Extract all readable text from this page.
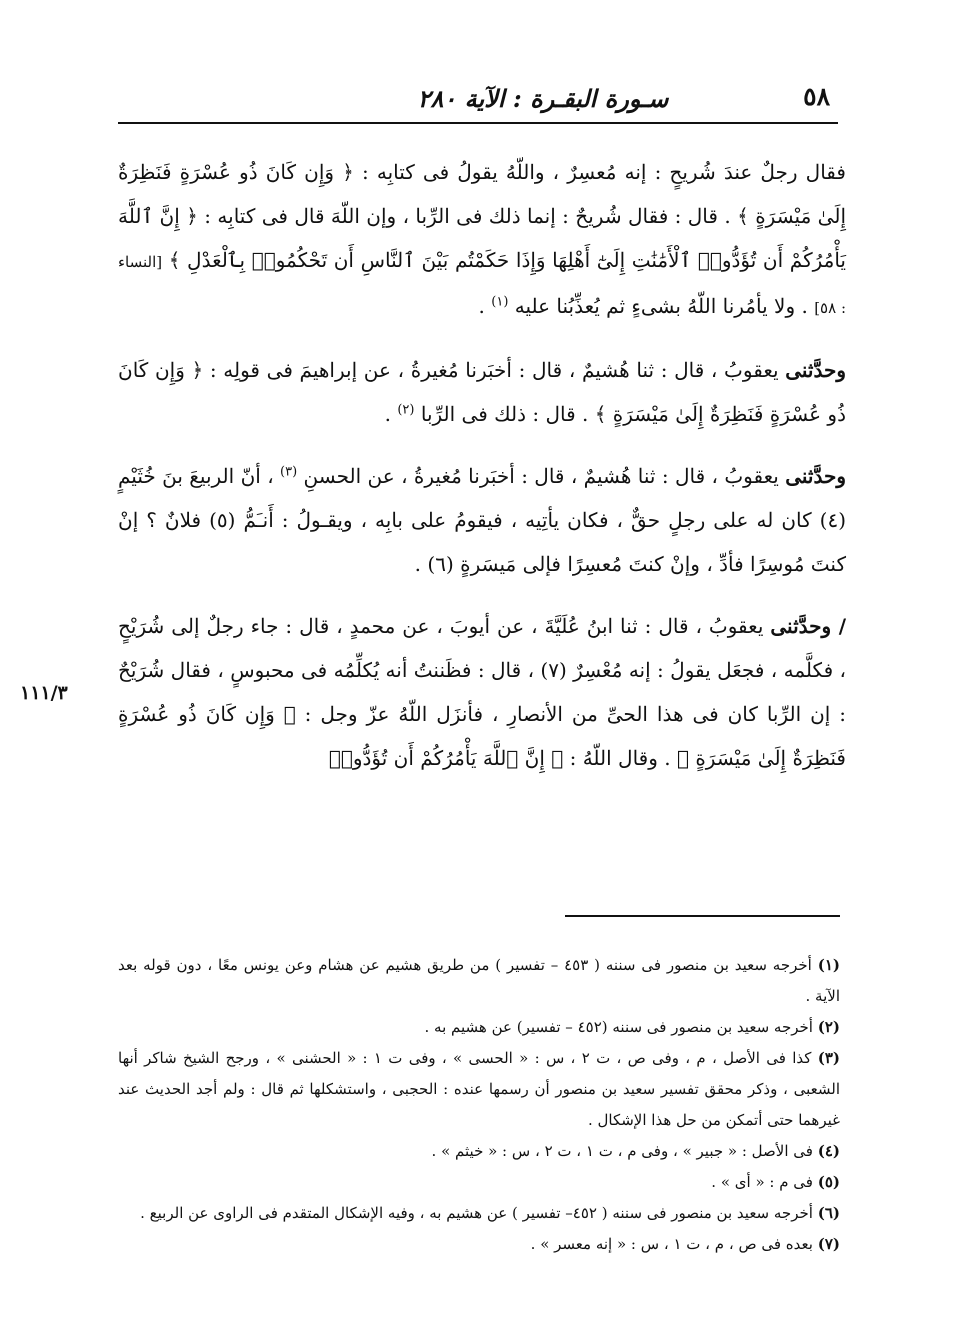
٥٨
سـورة البقـرة : الآية ٢٨٠
١١١/٣

فقال رجلٌ عندَ شُريحٍ : إنه مُعسِرٌ ، واللّهُ يقولُ فى كتابِه : ﴿ وَإِن كَانَ ذُو عُسْرَةٍ فَنَظِرَةٌ إِلَىٰ مَيْسَرَةٍ ﴾ . قال : فقال شُريحٌ : إنما ذلك فى الرِّبا ، وإن اللّهَ قال فى كتابِه : ﴿ إِنَّ ٱللَّهَ يَأْمُرُكُمْ أَن تُؤَدُّوا۟ ٱلْأَمَٰنَٰتِ إِلَىٰٓ أَهْلِهَا وَإِذَا حَكَمْتُم بَيْنَ ٱلنَّاسِ أَن تَحْكُمُوا۟ بِٱلْعَدْلِ ﴾ [النساء : ٥٨] . ولا يأمُرنا اللّهُ بشىءٍ ثم يُعذِّبُنا عليه $^{(١)}$ .

وحدَّثنى يعقوبُ ، قال : ثنا هُشيمٌ ، قال : أخبَرنا مُغيرةُ ، عن إبراهيمَ فى قولِه : ﴿ وَإِن كَانَ ذُو عُسْرَةٍ فَنَظِرَةٌ إِلَىٰ مَيْسَرَةٍ ﴾ . قال : ذلك فى الرِّبا $^{(٢)}$ .

وحدَّثنى يعقوبُ ، قال : ثنا هُشيمٌ ، قال : أخبَرنا مُغيرةُ ، عن الحسنِ $^{(٣)}$ ، أنّ الربيعَ بنَ خُثَيْمٍ (٤) كان له على رجلٍ حقٌّ ، فكان يأتِيه ، فيقومُ على بابِه ، ويقـولُ : أَنـَمُّ (٥) فلانٌ ؟ إنْ كنتَ مُوسِرًا فأدِّ ، وإنْ كنتَ مُعسِرًا فإلى مَيسَرةٍ (٦) .

/ وحدَّثنى يعقوبُ ، قال : ثنا ابنُ عُلَيَّةَ ، عن أيوبَ ، عن محمدٍ ، قال : جاء رجلٌ إلى شُرَيْحٍ ، فكلَّمه ، فجعَل يقولُ : إنه مُعْسِرٌ (٧) ، قال : فظَننتُ أنه يُكلِّمُه فى محبوسٍ ، فقال شُرَيْحٌ : إن الرِّبا كان فى هذا الحىِّ من الأنصارِ ، فأنزَل اللّهُ عزّ وجل : ﴿ وَإِن كَانَ ذُو عُسْرَةٍ فَنَظِرَةٌ إِلَىٰ مَيْسَرَةٍ ﴾ . وقال اللّهُ : ﴿ إِنَّ ٱللَّهَ يَأْمُرُكُمْ أَن تُؤَدُّوا۟

(١) أخرجه سعيد بن منصور فى سننه ( ٤٥٣ – تفسير ) من طريق هشيم عن هشام وعن يونس معًا ، دون قوله بعد الآية .
(٢) أخرجه سعيد بن منصور فى سننه (٤٥٢ – تفسير) عن هشيم به .
(٣) كذا فى الأصل ، م ، وفى ص ، ت ٢ ، س : « الحسى » ، وفى ت ١ : « الحشنى » ، ورجح الشيخ شاكر أنها الشعبى ، وذكر محقق تفسير سعيد بن منصور أن رسمها عنده : الحجبى ، واستشكلها ثم قال : ولم أجد الحديث عند غيرهما حتى أتمكن من حل هذا الإشكال .
(٤) فى الأصل : « جبير » ، وفى م ، ت ١ ، ت ٢ ، س : « خيثم » .
(٥) فى م : « أى » .
(٦) أخرجه سعيد بن منصور فى سننه ( ٤٥٢– تفسير ) عن هشيم به ، وفيه الإشكال المتقدم فى الراوى عن الربيع .
(٧) بعده فى ص ، م ، ت ١ ، س : « إنه معسر » .
